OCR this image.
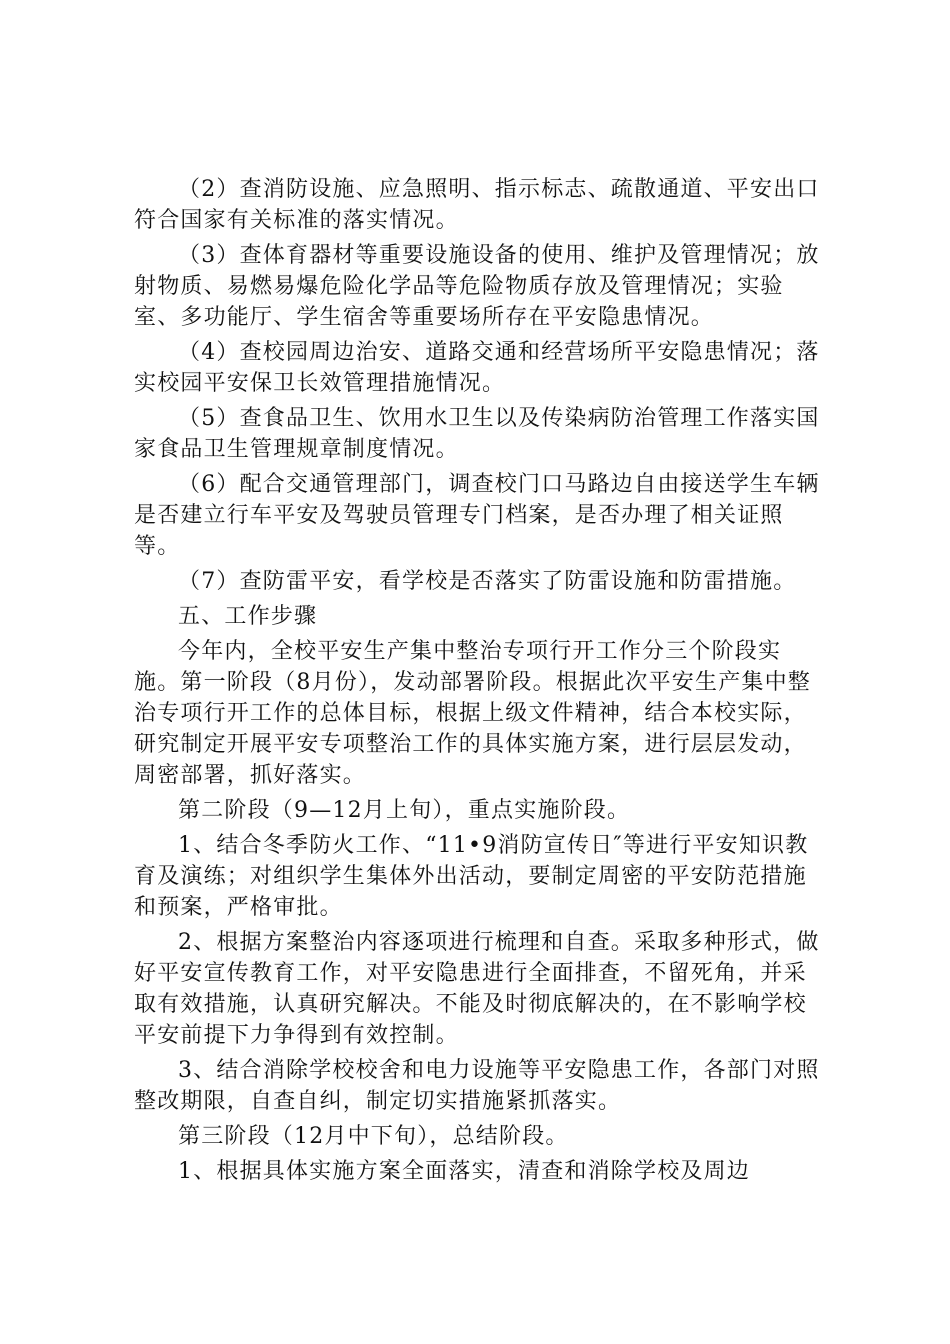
（2）查消防设施、应急照明、指示标志、疏散通道、平安出口符合国家有关标准的落实情况。

（3）查体育器材等重要设施设备的使用、维护及管理情况；放射物质、易燃易爆危险化学品等危险物质存放及管理情况；实验室、多功能厅、学生宿舍等重要场所存在平安隐患情况。

（4）查校园周边治安、道路交通和经营场所平安隐患情况；落实校园平安保卫长效管理措施情况。

（5）查食品卫生、饮用水卫生以及传染病防治管理工作落实国家食品卫生管理规章制度情况。

（6）配合交通管理部门，调查校门口马路边自由接送学生车辆是否建立行车平安及驾驶员管理专门档案，是否办理了相关证照等。

（7）查防雷平安，看学校是否落实了防雷设施和防雷措施。

五、工作步骤

今年内，全校平安生产集中整治专项行开工作分三个阶段实施。第一阶段（8月份），发动部署阶段。根据此次平安生产集中整治专项行开工作的总体目标，根据上级文件精神，结合本校实际，研究制定开展平安专项整治工作的具体实施方案，进行层层发动，周密部署，抓好落实。

第二阶段（9—12月上旬），重点实施阶段。

1、结合冬季防火工作、“11•9消防宣传日″等进行平安知识教育及演练；对组织学生集体外出活动，要制定周密的平安防范措施和预案，严格审批。

2、根据方案整治内容逐项进行梳理和自查。采取多种形式，做好平安宣传教育工作，对平安隐患进行全面排查，不留死角，并采取有效措施，认真研究解决。不能及时彻底解决的，在不影响学校平安前提下力争得到有效控制。

3、结合消除学校校舍和电力设施等平安隐患工作，各部门对照整改期限，自查自纠，制定切实措施紧抓落实。

第三阶段（12月中下旬），总结阶段。

1、根据具体实施方案全面落实，清查和消除学校及周边
